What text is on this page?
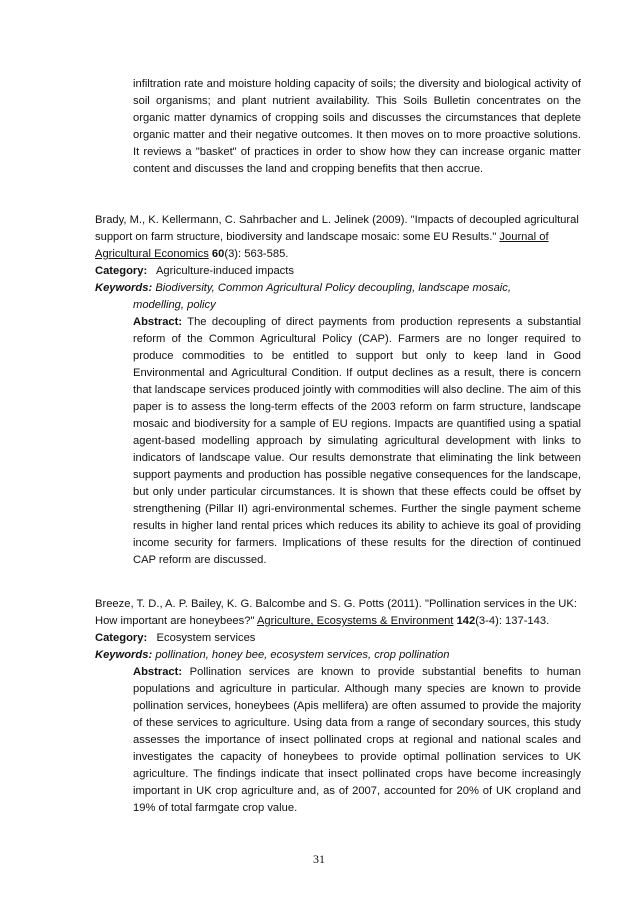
infiltration rate and moisture holding capacity of soils; the diversity and biological activity of soil organisms; and plant nutrient availability. This Soils Bulletin concentrates on the organic matter dynamics of cropping soils and discusses the circumstances that deplete organic matter and their negative outcomes. It then moves on to more proactive solutions. It reviews a "basket" of practices in order to show how they can increase organic matter content and discusses the land and cropping benefits that then accrue.

Brady, M., K. Kellermann, C. Sahrbacher and L. Jelinek (2009). "Impacts of decoupled agricultural support on farm structure, biodiversity and landscape mosaic: some EU Results." Journal of Agricultural Economics 60(3): 563-585.

Category: Agriculture-induced impacts

Keywords: Biodiversity, Common Agricultural Policy decoupling, landscape mosaic,

modelling, policy

Abstract: The decoupling of direct payments from production represents a substantial reform of the Common Agricultural Policy (CAP). Farmers are no longer required to produce commodities to be entitled to support but only to keep land in Good Environmental and Agricultural Condition. If output declines as a result, there is concern that landscape services produced jointly with commodities will also decline. The aim of this paper is to assess the long-term effects of the 2003 reform on farm structure, landscape mosaic and biodiversity for a sample of EU regions. Impacts are quantified using a spatial agent-based modelling approach by simulating agricultural development with links to indicators of landscape value. Our results demonstrate that eliminating the link between support payments and production has possible negative consequences for the landscape, but only under particular circumstances. It is shown that these effects could be offset by strengthening (Pillar II) agri-environmental schemes. Further the single payment scheme results in higher land rental prices which reduces its ability to achieve its goal of providing income security for farmers. Implications of these results for the direction of continued CAP reform are discussed.

Breeze, T. D., A. P. Bailey, K. G. Balcombe and S. G. Potts (2011). "Pollination services in the UK: How important are honeybees?" Agriculture, Ecosystems & Environment 142(3-4): 137-143.

Category: Ecosystem services

Keywords: pollination, honey bee, ecosystem services, crop pollination

Abstract: Pollination services are known to provide substantial benefits to human populations and agriculture in particular. Although many species are known to provide pollination services, honeybees (Apis mellifera) are often assumed to provide the majority of these services to agriculture. Using data from a range of secondary sources, this study assesses the importance of insect pollinated crops at regional and national scales and investigates the capacity of honeybees to provide optimal pollination services to UK agriculture. The findings indicate that insect pollinated crops have become increasingly important in UK crop agriculture and, as of 2007, accounted for 20% of UK cropland and 19% of total farmgate crop value.

31
